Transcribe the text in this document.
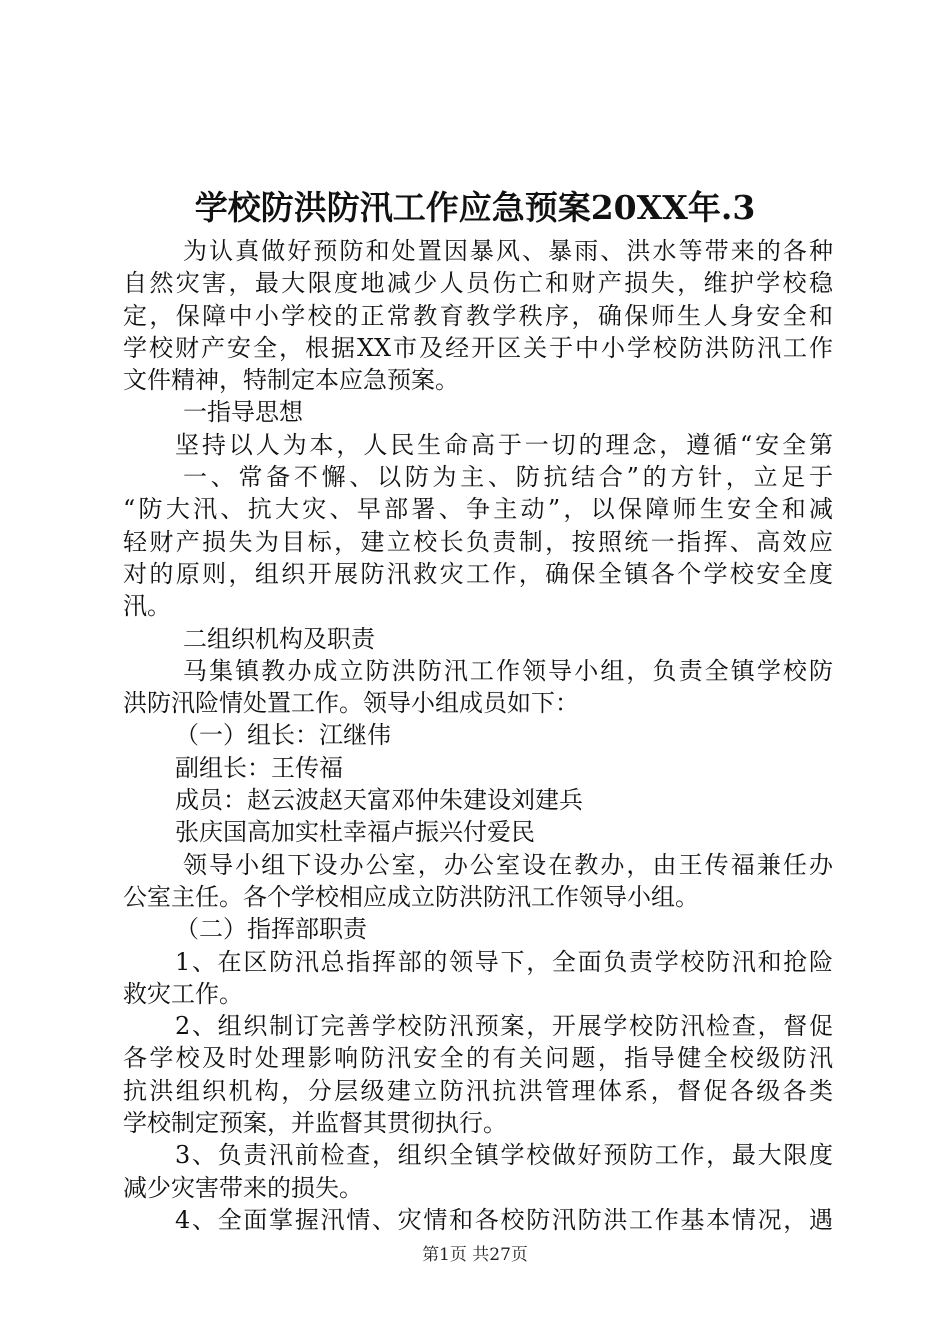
学校防洪防汛工作应急预案20XX年.3
为认真做好预防和处置因暴风、暴雨、洪水等带来的各种
自然灾害，最大限度地减少人员伤亡和财产损失，维护学校稳
定，保障中小学校的正常教育教学秩序，确保师生人身安全和
学校财产安全，根据XX市及经开区关于中小学校防洪防汛工作
文件精神，特制定本应急预案。
一指导思想
坚持以人为本，人民生命高于一切的理念，遵循“安全第
一、常备不懈、以防为主、防抗结合”的方针，立足于
“防大汛、抗大灾、早部署、争主动”，以保障师生安全和减
轻财产损失为目标，建立校长负责制，按照统一指挥、高效应
对的原则，组织开展防汛救灾工作，确保全镇各个学校安全度
汛。
二组织机构及职责
马集镇教办成立防洪防汛工作领导小组，负责全镇学校防
洪防汛险情处置工作。领导小组成员如下：
（一）组长：江继伟
副组长：王传福
成员：赵云波赵天富邓仲朱建设刘建兵
张庆国高加实杜幸福卢振兴付爱民
领导小组下设办公室，办公室设在教办，由王传福兼任办
公室主任。各个学校相应成立防洪防汛工作领导小组。
（二）指挥部职责
1、在区防汛总指挥部的领导下，全面负责学校防汛和抢险
救灾工作。
2、组织制订完善学校防汛预案，开展学校防汛检查，督促
各学校及时处理影响防汛安全的有关问题，指导健全校级防汛
抗洪组织机构，分层级建立防汛抗洪管理体系，督促各级各类
学校制定预案，并监督其贯彻执行。
3、负责汛前检查，组织全镇学校做好预防工作，最大限度
减少灾害带来的损失。
4、全面掌握汛情、灾情和各校防汛防洪工作基本情况，遇
第1页 共27页
